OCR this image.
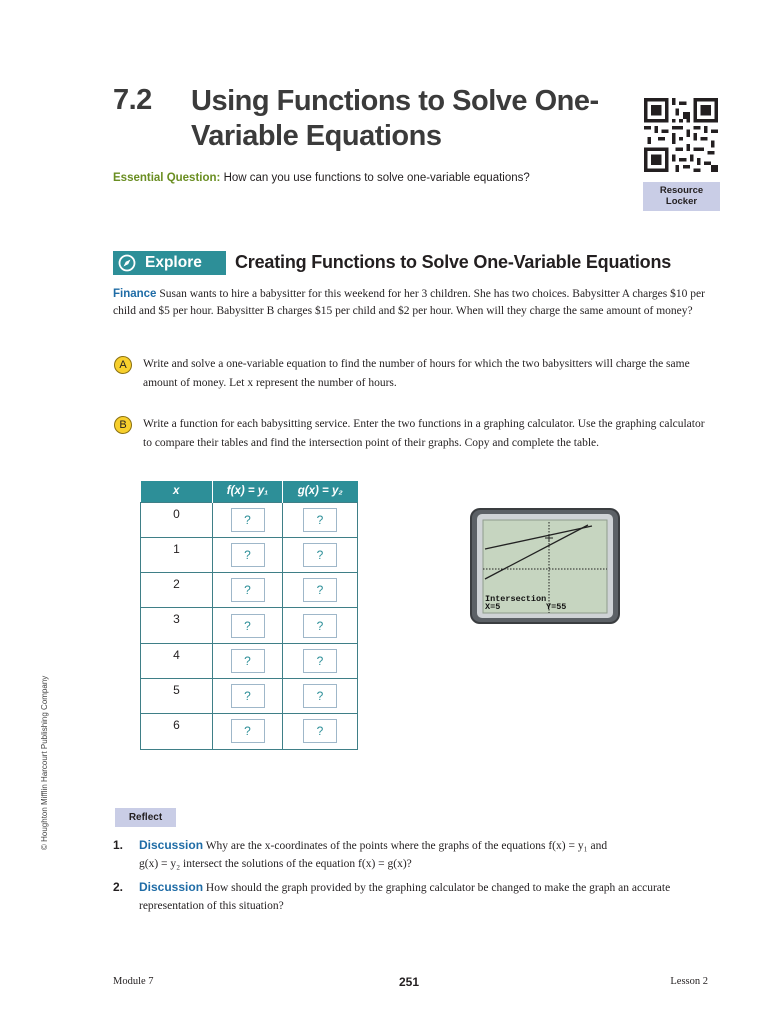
7.2 Using Functions to Solve One-Variable Equations
Essential Question: How can you use functions to solve one-variable equations?
Resource Locker
Explore Creating Functions to Solve One-Variable Equations
Finance Susan wants to hire a babysitter for this weekend for her 3 children. She has two choices. Babysitter A charges $10 per child and $5 per hour. Babysitter B charges $15 per child and $2 per hour. When will they charge the same amount of money?
A	Write and solve a one-variable equation to find the number of hours for which the two babysitters will charge the same amount of money. Let x represent the number of hours.
B	Write a function for each babysitting service. Enter the two functions in a graphing calculator. Use the graphing calculator to compare their tables and find the intersection point of their graphs. Copy and complete the table.
x	f(x) = y₁	g(x) = y₂
0	?	?
1	?	?
2	?	?
3	?	?
4	?	?
5	?	?
6	?	?
Intersection
X=5	Y=55
Reflect
1. Discussion Why are the x-coordinates of the points where the graphs of the equations f(x) = y₁ and g(x) = y₂ intersect the solutions of the equation f(x) = g(x)?
2. Discussion How should the graph provided by the graphing calculator be changed to make the graph an accurate representation of this situation?
© Houghton Mifflin Harcourt Publishing Company
Module 7	251	Lesson 2
